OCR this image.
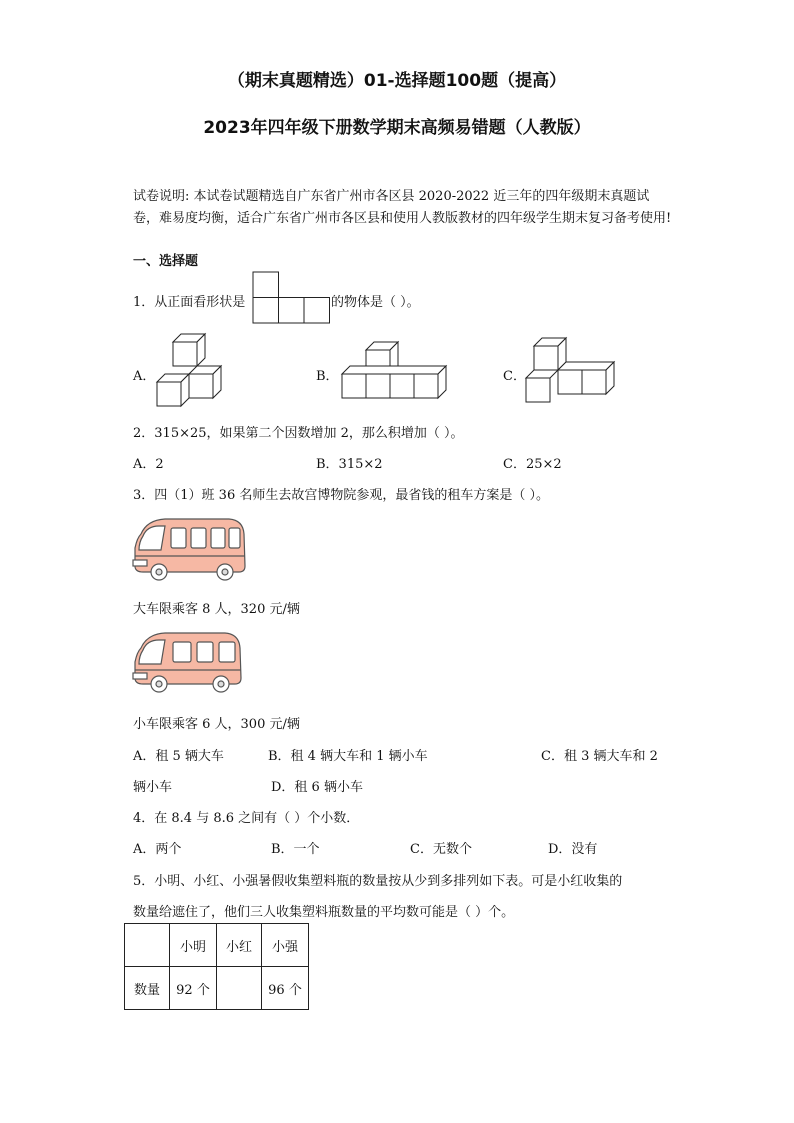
（期末真题精选）01-选择题100题（提高）
2023年四年级下册数学期末高频易错题（人教版）
试卷说明: 本试卷试题精选自广东省广州市各区县 2020-2022 近三年的四年级期末真题试卷，难易度均衡，适合广东省广州市各区县和使用人教版教材的四年级学生期末复习备考使用!
一、选择题
1．从正面看形状是	的物体是（ ）。
A．	B．	C．
2．315×25，如果第二个因数增加 2，那么积增加（ ）。
A．2	B．315×2	C．25×2
3．四（1）班 36 名师生去故宫博物院参观，最省钱的租车方案是（ ）。
大车限乘客 8 人，320 元/辆
小车限乘客 6 人，300 元/辆
A．租 5 辆大车	B．租 4 辆大车和 1 辆小车	C．租 3 辆大车和 2
辆小车	D．租 6 辆小车
4．在 8.4 与 8.6 之间有（ ）个小数．
A．两个	B．一个	C．无数个	D．没有
5．小明、小红、小强暑假收集塑料瓶的数量按从少到多排列如下表。可是小红收集的
数量给遮住了，他们三人收集塑料瓶数量的平均数可能是（ ）个。
	小明	小红	小强
数量	92 个		96 个
